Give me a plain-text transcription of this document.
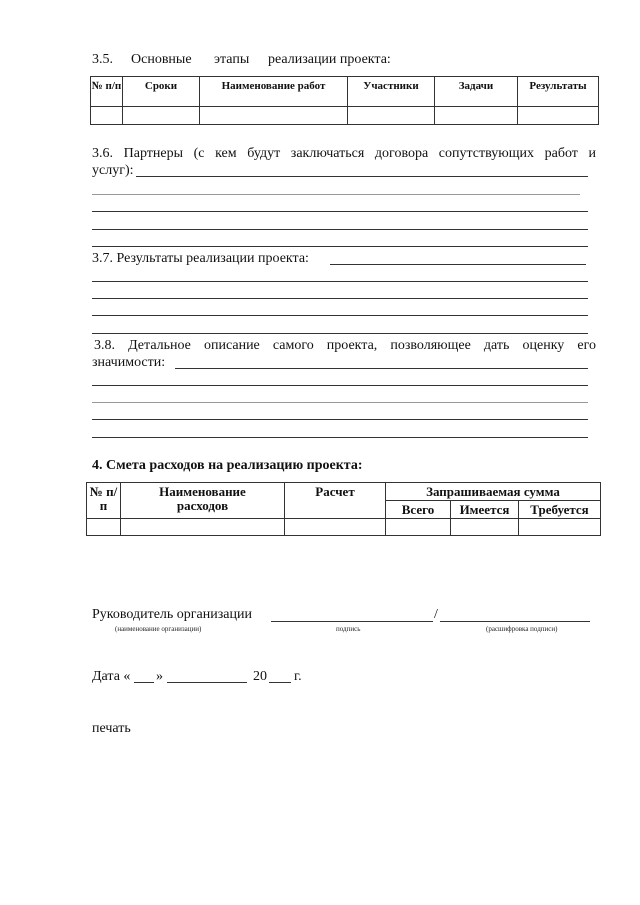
3.5. Основные этапы реализации проекта:
№ п/п	Сроки	Наименование работ	Участники	Задачи	Результаты

3.6. Партнеры (с кем будут заключаться договора сопутствующих работ и
услуг):
3.7. Результаты реализации проекта:
3.8. Детальное описание самого проекта, позволяющее дать оценку его
значимости:
4. Смета расходов на реализацию проекта:
№ п/п	Наименование расходов	Расчет	Запрашиваемая сумма		
			Всего	Имеется	Требуется

Руководитель организации	/
(наименование организации)	подпись	(расшифровка подписи)
Дата « »	20 г.
печать
